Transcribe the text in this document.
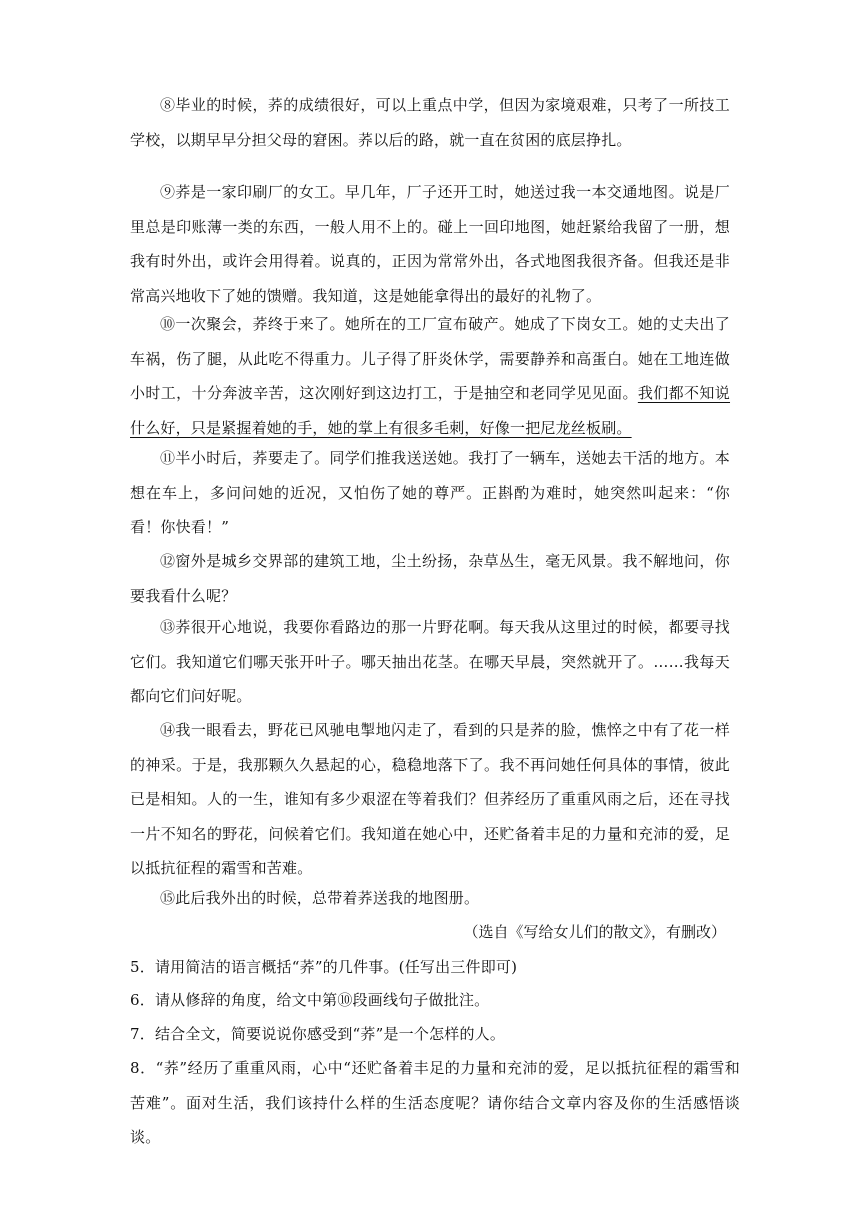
⑧毕业的时候，荞的成绩很好，可以上重点中学，但因为家境艰难，只考了一所技工学校，以期早早分担父母的窘困。荞以后的路，就一直在贫困的底层挣扎。

⑨荞是一家印刷厂的女工。早几年，厂子还开工时，她送过我一本交通地图。说是厂里总是印账薄一类的东西，一般人用不上的。碰上一回印地图，她赶紧给我留了一册，想我有时外出，或许会用得着。说真的，正因为常常外出，各式地图我很齐备。但我还是非常高兴地收下了她的馈赠。我知道，这是她能拿得出的最好的礼物了。

⑩一次聚会，荞终于来了。她所在的工厂宣布破产。她成了下岗女工。她的丈夫出了车祸，伤了腿，从此吃不得重力。儿子得了肝炎休学，需要静养和高蛋白。她在工地连做小时工，十分奔波辛苦，这次刚好到这边打工，于是抽空和老同学见见面。我们都不知说什么好，只是紧握着她的手，她的掌上有很多毛刺，好像一把尼龙丝板刷。

⑪半小时后，荞要走了。同学们推我送送她。我打了一辆车，送她去干活的地方。本想在车上，多问问她的近况，又怕伤了她的尊严。正斟酌为难时，她突然叫起来：“你看！你快看！”

⑫窗外是城乡交界部的建筑工地，尘土纷扬，杂草丛生，毫无风景。我不解地问，你要我看什么呢？

⑬荞很开心地说，我要你看路边的那一片野花啊。每天我从这里过的时候，都要寻找它们。我知道它们哪天张开叶子。哪天抽出花茎。在哪天早晨，突然就开了。……我每天都向它们问好呢。

⑭我一眼看去，野花已风驰电掣地闪走了，看到的只是荞的脸，憔悴之中有了花一样的神采。于是，我那颗久久悬起的心，稳稳地落下了。我不再问她任何具体的事情，彼此已是相知。人的一生，谁知有多少艰涩在等着我们？但荞经历了重重风雨之后，还在寻找一片不知名的野花，问候着它们。我知道在她心中，还贮备着丰足的力量和充沛的爱，足以抵抗征程的霜雪和苦难。

⑮此后我外出的时候，总带着荞送我的地图册。

（选自《写给女儿们的散文》，有删改）

5．请用简洁的语言概括“荞”的几件事。(任写出三件即可)

6．请从修辞的角度，给文中第⑩段画线句子做批注。

7．结合全文，简要说说你感受到“荞”是一个怎样的人。

8．“荞”经历了重重风雨，心中“还贮备着丰足的力量和充沛的爱，足以抵抗征程的霜雪和苦难”。面对生活，我们该持什么样的生活态度呢？请你结合文章内容及你的生活感悟谈谈。
